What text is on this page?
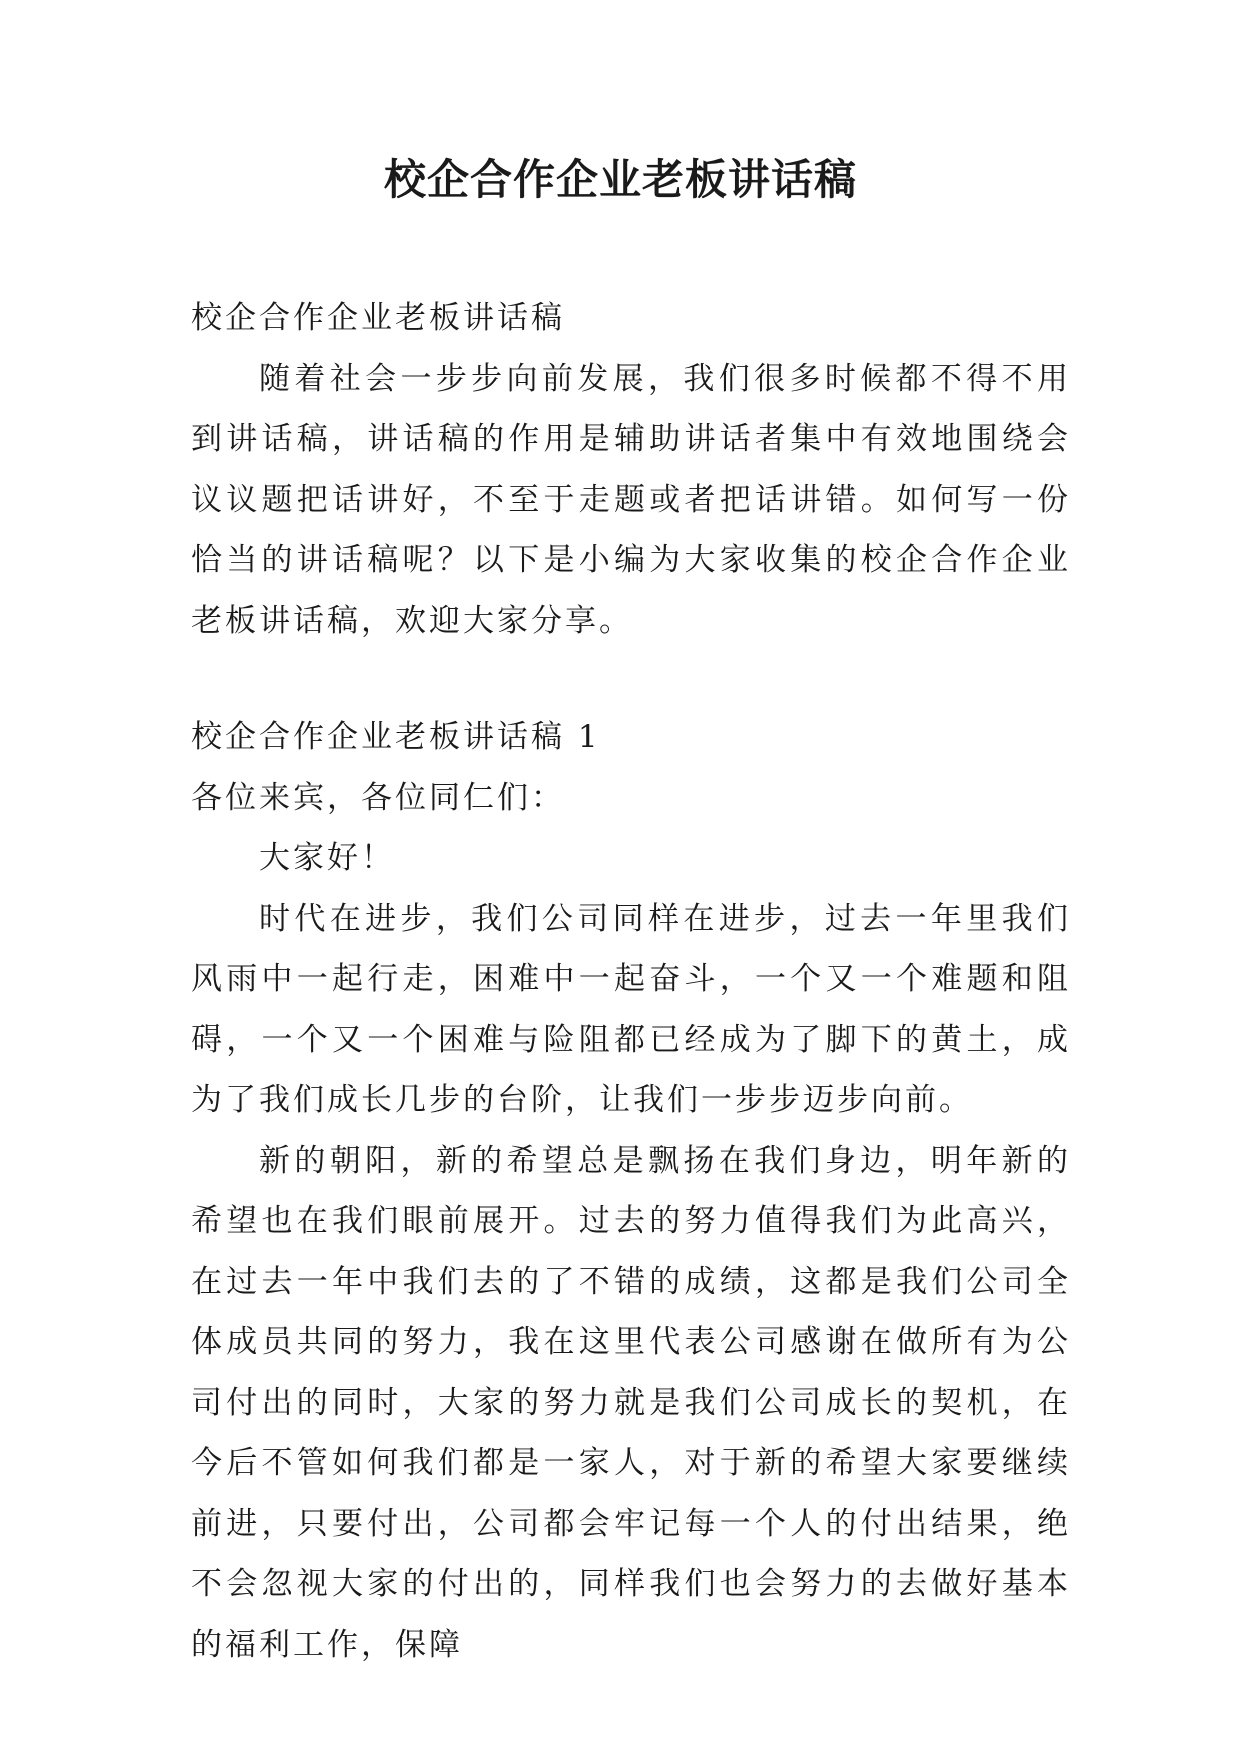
校企合作企业老板讲话稿

校企合作企业老板讲话稿

随着社会一步步向前发展，我们很多时候都不得不用到讲话稿，讲话稿的作用是辅助讲话者集中有效地围绕会议议题把话讲好，不至于走题或者把话讲错。如何写一份恰当的讲话稿呢？以下是小编为大家收集的校企合作企业老板讲话稿，欢迎大家分享。

校企合作企业老板讲话稿 1

各位来宾，各位同仁们：

大家好！

时代在进步，我们公司同样在进步，过去一年里我们风雨中一起行走，困难中一起奋斗，一个又一个难题和阻碍，一个又一个困难与险阻都已经成为了脚下的黄土，成为了我们成长几步的台阶，让我们一步步迈步向前。

新的朝阳，新的希望总是飘扬在我们身边，明年新的希望也在我们眼前展开。过去的努力值得我们为此高兴，在过去一年中我们去的了不错的成绩，这都是我们公司全体成员共同的努力，我在这里代表公司感谢在做所有为公司付出的同时，大家的努力就是我们公司成长的契机，在今后不管如何我们都是一家人，对于新的希望大家要继续前进，只要付出，公司都会牢记每一个人的付出结果，绝不会忽视大家的付出的，同样我们也会努力的去做好基本的福利工作，保障
